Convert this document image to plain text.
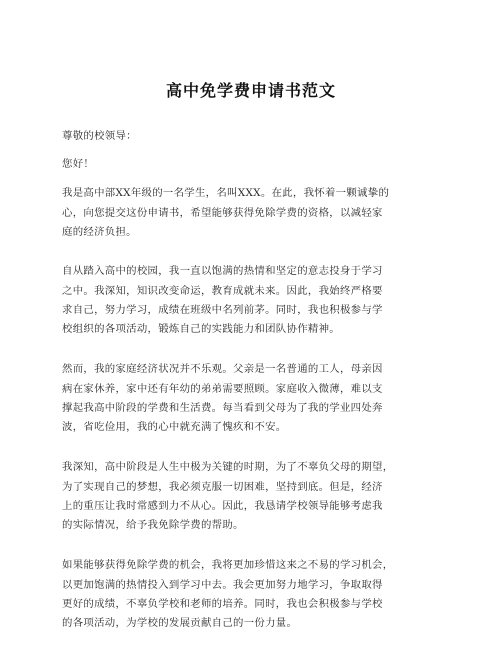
高中免学费申请书范文
尊敬的校领导：
您好！
我是高中部XX年级的一名学生，名叫XXX。在此，我怀着一颗诚挚的
心，向您提交这份申请书，希望能够获得免除学费的资格，以减轻家
庭的经济负担。
自从踏入高中的校园，我一直以饱满的热情和坚定的意志投身于学习
之中。我深知，知识改变命运，教育成就未来。因此，我始终严格要
求自己，努力学习，成绩在班级中名列前茅。同时，我也积极参与学
校组织的各项活动，锻炼自己的实践能力和团队协作精神。
然而，我的家庭经济状况并不乐观。父亲是一名普通的工人，母亲因
病在家休养，家中还有年幼的弟弟需要照顾。家庭收入微薄，难以支
撑起我高中阶段的学费和生活费。每当看到父母为了我的学业四处奔
波，省吃俭用，我的心中就充满了愧疚和不安。
我深知，高中阶段是人生中极为关键的时期，为了不辜负父母的期望，
为了实现自己的梦想，我必须克服一切困难，坚持到底。但是，经济
上的重压让我时常感到力不从心。因此，我恳请学校领导能够考虑我
的实际情况，给予我免除学费的帮助。
如果能够获得免除学费的机会，我将更加珍惜这来之不易的学习机会，
以更加饱满的热情投入到学习中去。我会更加努力地学习，争取取得
更好的成绩，不辜负学校和老师的培养。同时，我也会积极参与学校
的各项活动，为学校的发展贡献自己的一份力量。
